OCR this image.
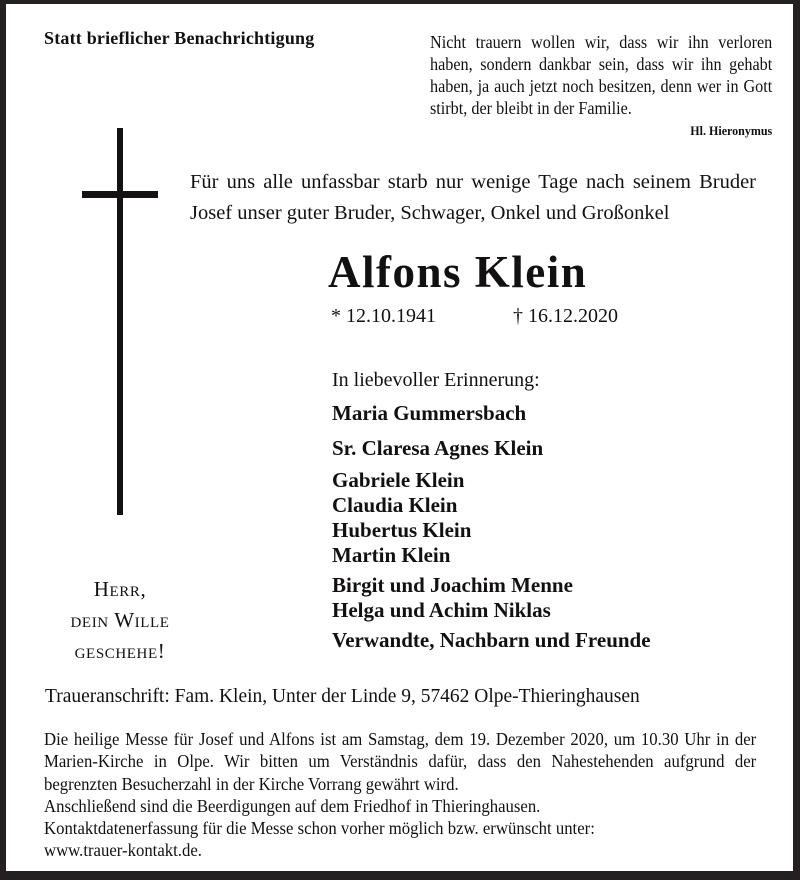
Statt brieflicher Benachrichtigung	Nicht trauern wollen wir, dass wir ihn verloren haben, sondern dankbar sein, dass wir ihn gehabt haben, ja auch jetzt noch besitzen, denn wer in Gott stirbt, der bleibt in der Familie.
Hl. Hieronymus
Für uns alle unfassbar starb nur wenige Tage nach seinem Bruder Josef unser guter Bruder, Schwager, Onkel und Großonkel
Alfons Klein
* 12.10.1941	† 16.12.2020
In liebevoller Erinnerung:
Maria Gummersbach
Sr. Claresa Agnes Klein
Gabriele Klein
Claudia Klein
Hubertus Klein
Martin Klein
Birgit und Joachim Menne
Helga und Achim Niklas
Verwandte, Nachbarn und Freunde
Herr,
dein Wille
geschehe!
Traueranschrift: Fam. Klein, Unter der Linde 9, 57462 Olpe-Thieringhausen
Die heilige Messe für Josef und Alfons ist am Samstag, dem 19. Dezember 2020, um 10.30 Uhr in der Marien-Kirche in Olpe. Wir bitten um Verständnis dafür, dass den Nahestehenden aufgrund der begrenzten Besucherzahl in der Kirche Vorrang gewährt wird.
Anschließend sind die Beerdigungen auf dem Friedhof in Thieringhausen.
Kontaktdatenerfassung für die Messe schon vorher möglich bzw. erwünscht unter:
www.trauer-kontakt.de.
